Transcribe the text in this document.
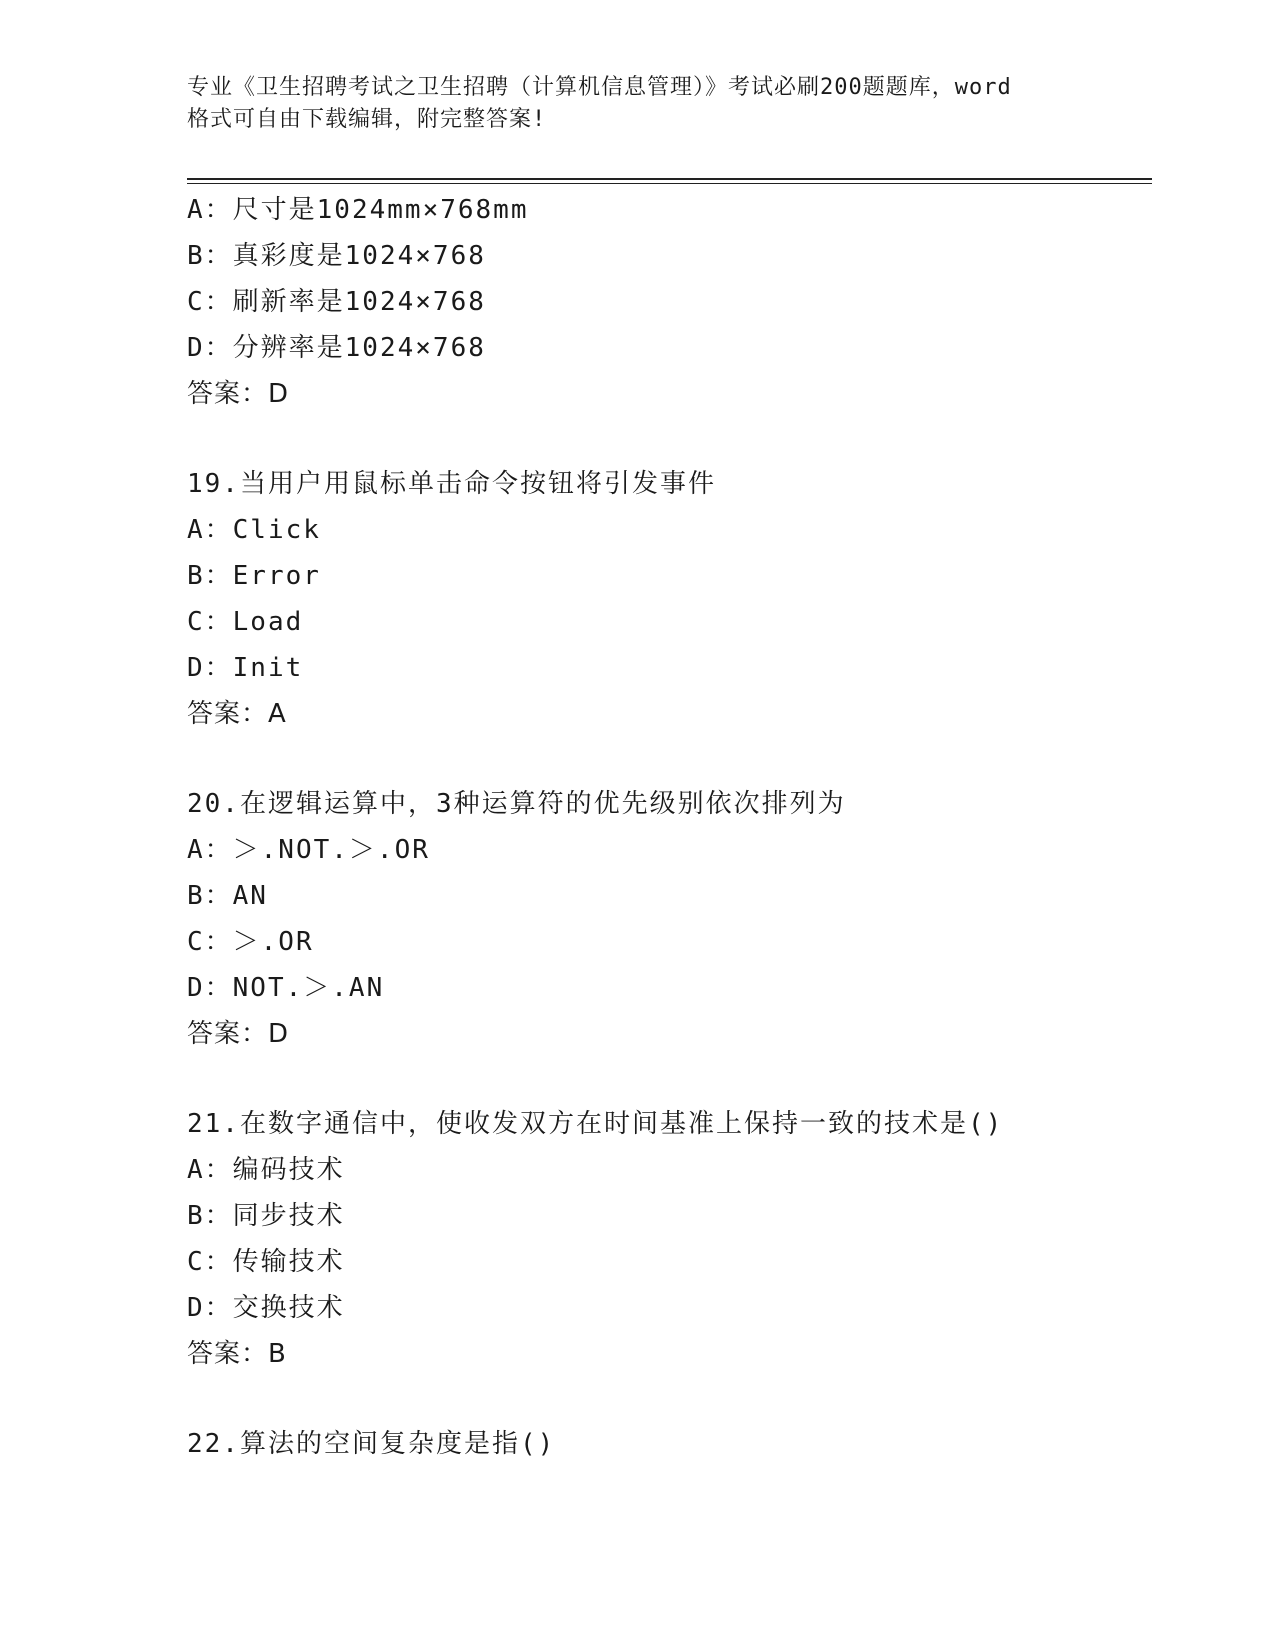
专业《卫生招聘考试之卫生招聘（计算机信息管理）》考试必刷200题题库，word
格式可自由下载编辑，附完整答案!
A：尺寸是1024mm×768mm
B：真彩度是1024×768
C：刷新率是1024×768
D：分辨率是1024×768
答案：D
19.当用户用鼠标单击命令按钮将引发事件
A：Click
B：Error
C：Load
D：Init
答案：A
20.在逻辑运算中，3种运算符的优先级别依次排列为
A：＞.NOT.＞.OR
B：AN
C：＞.OR
D：NOT.＞.AN
答案：D
21.在数字通信中，使收发双方在时间基准上保持一致的技术是()
A：编码技术
B：同步技术
C：传输技术
D：交换技术
答案：B
22.算法的空间复杂度是指()
